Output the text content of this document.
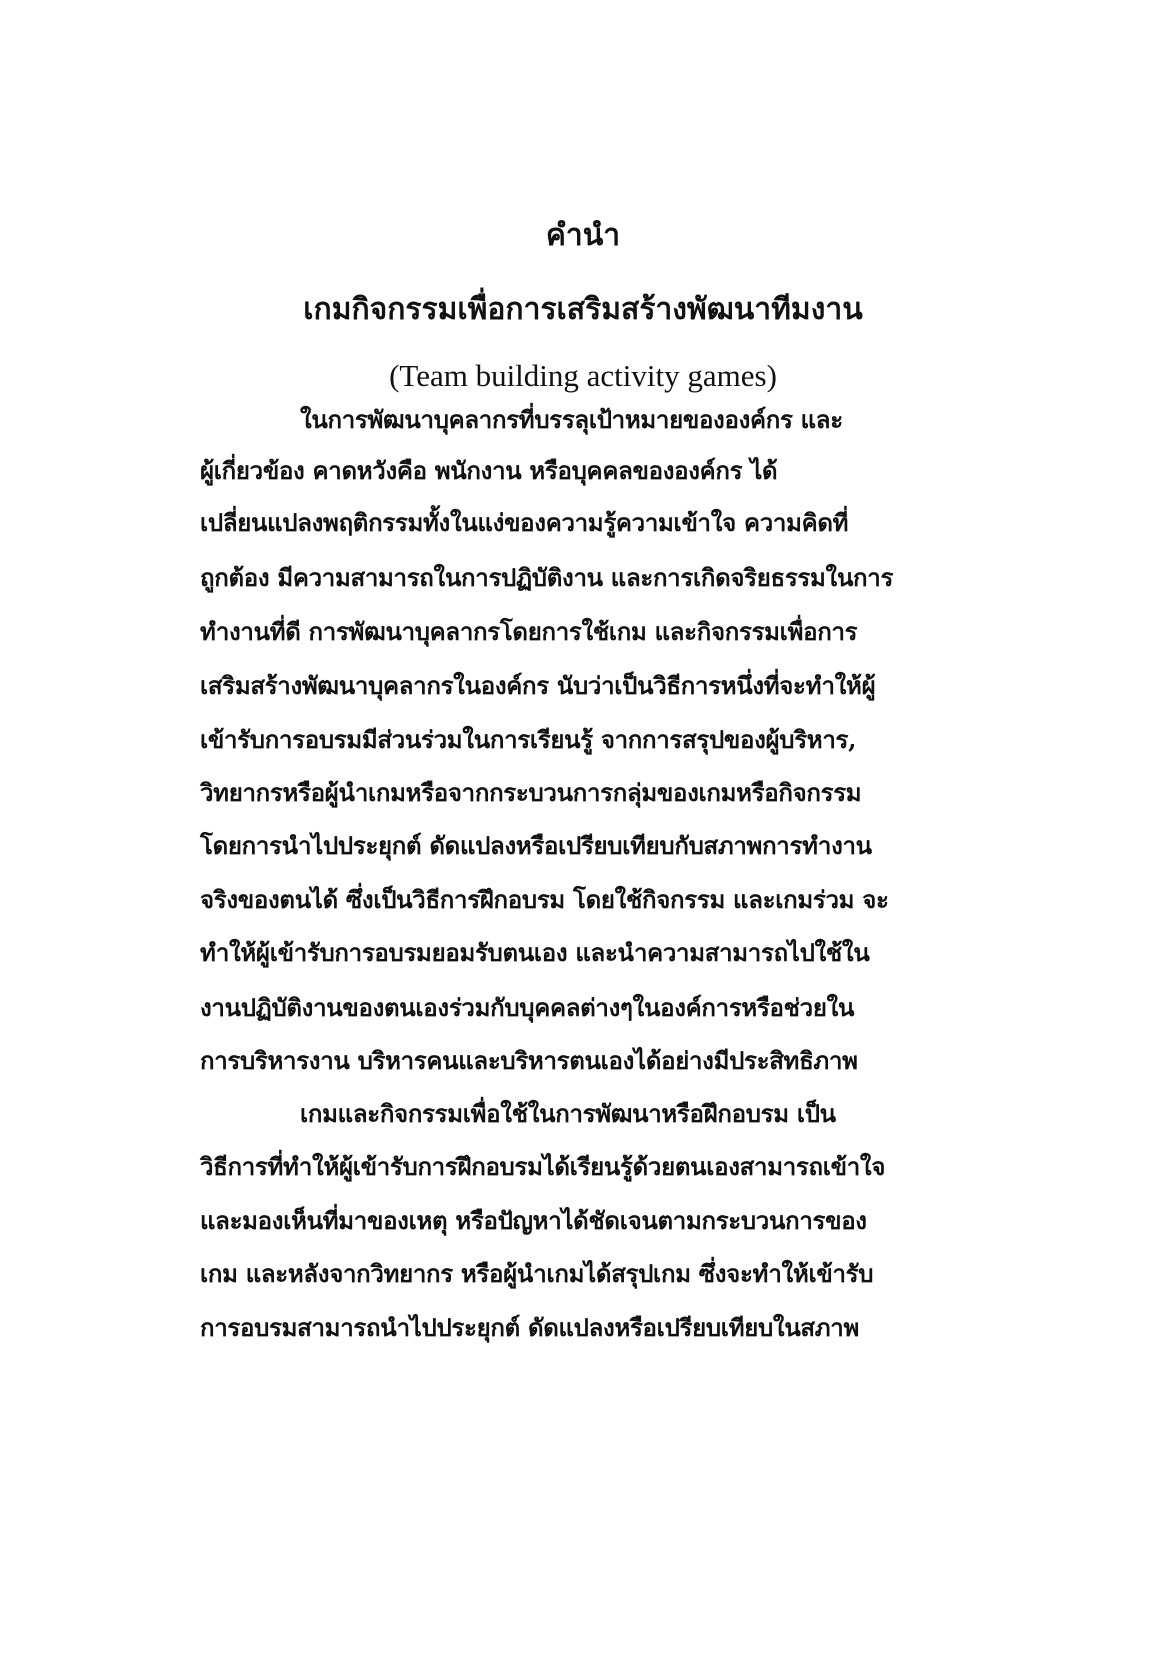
คำนำ
เกมกิจกรรมเพื่อการเสริมสร้างพัฒนาทีมงาน
(Team building activity games)
ในการพัฒนาบุคลากรที่บรรลุเป้าหมายขององค์กร และ
ผู้เกี่ยวข้อง คาดหวังคือ พนักงาน หรือบุคคลขององค์กร ได้
เปลี่ยนแปลงพฤติกรรมทั้งในแง่ของความรู้ความเข้าใจ ความคิดที่
ถูกต้อง มีความสามารถในการปฏิบัติงาน และการเกิดจริยธรรมในการ
ทำงานที่ดี การพัฒนาบุคลากรโดยการใช้เกม และกิจกรรมเพื่อการ
เสริมสร้างพัฒนาบุคลากรในองค์กร นับว่าเป็นวิธีการหนึ่งที่จะทำให้ผู้
เข้ารับการอบรมมีส่วนร่วมในการเรียนรู้ จากการสรุปของผู้บริหาร,
วิทยากรหรือผู้นำเกมหรือจากกระบวนการกลุ่มของเกมหรือกิจกรรม
โดยการนำไปประยุกต์ ดัดแปลงหรือเปรียบเทียบกับสภาพการทำงาน
จริงของตนได้ ซึ่งเป็นวิธีการฝึกอบรม โดยใช้กิจกรรม และเกมร่วม จะ
ทำให้ผู้เข้ารับการอบรมยอมรับตนเอง และนำความสามารถไปใช้ใน
งานปฏิบัติงานของตนเองร่วมกับบุคคลต่างๆในองค์การหรือช่วยใน
การบริหารงาน บริหารคนและบริหารตนเองได้อย่างมีประสิทธิภาพ
เกมและกิจกรรมเพื่อใช้ในการพัฒนาหรือฝึกอบรม เป็น
วิธีการที่ทำให้ผู้เข้ารับการฝึกอบรมได้เรียนรู้ด้วยตนเองสามารถเข้าใจ
และมองเห็นที่มาของเหตุ หรือปัญหาได้ชัดเจนตามกระบวนการของ
เกม และหลังจากวิทยากร หรือผู้นำเกมได้สรุปเกม ซึ่งจะทำให้เข้ารับ
การอบรมสามารถนำไปประยุกต์ ดัดแปลงหรือเปรียบเทียบในสภาพ
